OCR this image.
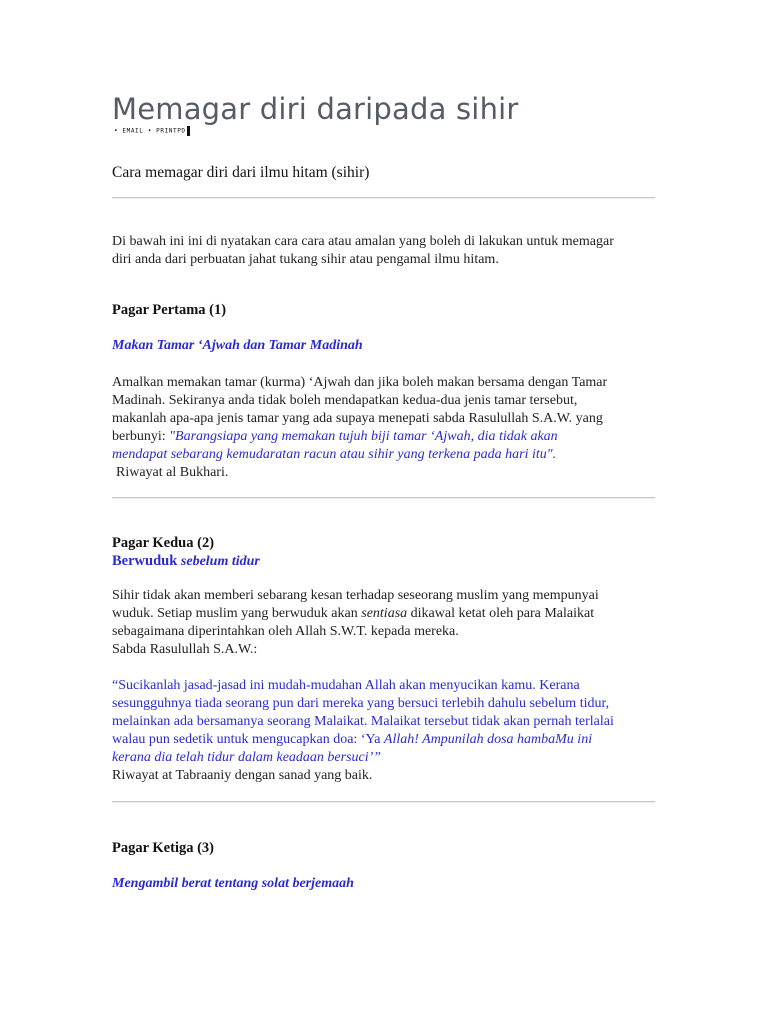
Memagar diri daripada sihir
• EMAIL • PRINTPD
Cara memagar diri dari ilmu hitam (sihir)
Di bawah ini ini di nyatakan cara cara atau amalan yang boleh di lakukan untuk memagar
diri anda dari perbuatan jahat tukang sihir atau pengamal ilmu hitam.
Pagar Pertama (1)
Makan Tamar ‘Ajwah dan Tamar Madinah
Amalkan memakan tamar (kurma) ‘Ajwah dan jika boleh makan bersama dengan Tamar
Madinah. Sekiranya anda tidak boleh mendapatkan kedua-dua jenis tamar tersebut,
makanlah apa-apa jenis tamar yang ada supaya menepati sabda Rasulullah S.A.W. yang
berbunyi: "Barangsiapa yang memakan tujuh biji tamar ‘Ajwah, dia tidak akan
mendapat sebarang kemudaratan racun atau sihir yang terkena pada hari itu".
Riwayat al Bukhari.
Pagar Kedua (2)
Berwuduk sebelum tidur
Sihir tidak akan memberi sebarang kesan terhadap seseorang muslim yang mempunyai
wuduk. Setiap muslim yang berwuduk akan sentiasa dikawal ketat oleh para Malaikat
sebagaimana diperintahkan oleh Allah S.W.T. kepada mereka.
Sabda Rasulullah S.A.W.:
“Sucikanlah jasad-jasad ini mudah-mudahan Allah akan menyucikan kamu. Kerana
sesungguhnya tiada seorang pun dari mereka yang bersuci terlebih dahulu sebelum tidur,
melainkan ada bersamanya seorang Malaikat. Malaikat tersebut tidak akan pernah terlalai
walau pun sedetik untuk mengucapkan doa: ‘Ya Allah! Ampunilah dosa hambaMu ini
kerana dia telah tidur dalam keadaan bersuci’”
Riwayat at Tabraaniy dengan sanad yang baik.
Pagar Ketiga (3)
Mengambil berat tentang solat berjemaah
